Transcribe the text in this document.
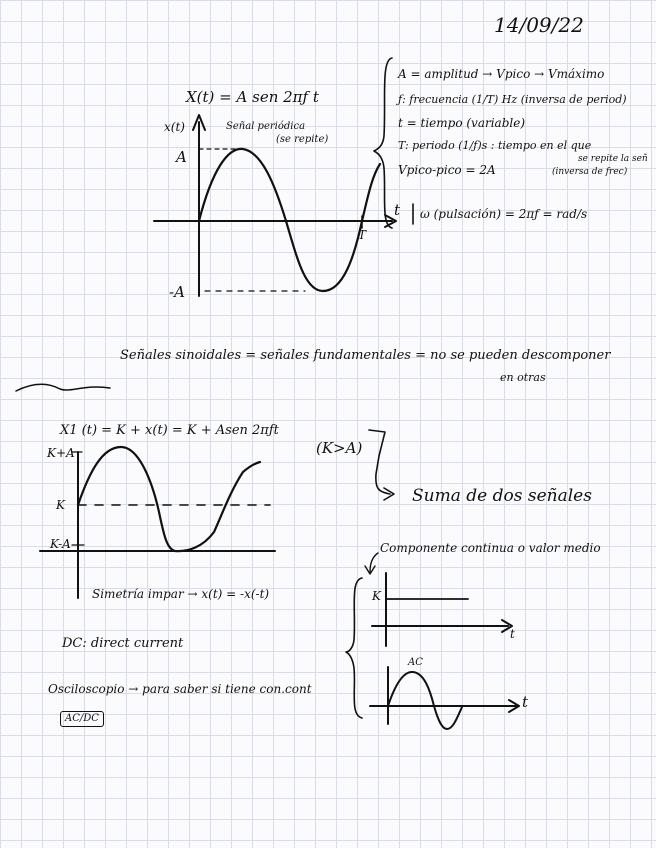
14/09/22
X(t) = A sen 2πƒ t
x(t)	Señal periódica
(se repite)
A
-A
t
T
A = amplitud → Vpico → Vmáximo
ƒ: frecuencia (1/T) Hz (inversa de period)
t = tiempo (variable)
T: periodo (1/ƒ)s : tiempo en el que
se repite la señ
(inversa de frec)
Vpico-pico = 2A
ω (pulsación) = 2πƒ = rad/s
Señales sinoidales = señales fundamentales = no se pueden descomponer
en otras
X1 (t) = K + x(t) = K + Asen 2πƒt
(K>A)
K+A
K
K-A
Suma de dos señales
Simetría impar → x(t) = -x(-t)
DC: direct current
Osciloscopio → para saber si tiene con.cont
AC/DC
Componente continua o valor medio
K
t
AC
t
